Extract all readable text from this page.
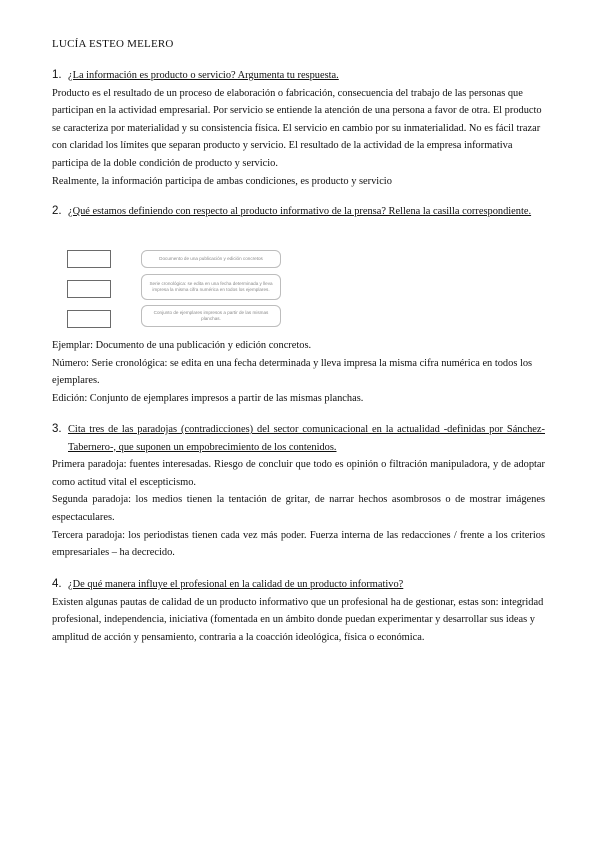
LUCÍA ESTEO MELERO
1. ¿La información es producto o servicio? Argumenta tu respuesta.

Producto es el resultado de un proceso de elaboración o fabricación, consecuencia del trabajo de las personas que participan en la actividad empresarial. Por servicio se entiende la atención de una persona a favor de otra. El producto se caracteriza por materialidad y su consistencia física. El servicio en cambio por su inmaterialidad. No es fácil trazar con claridad los límites que separan producto y servicio. El resultado de la actividad de la empresa informativa participa de la doble condición de producto y servicio.

Realmente, la información participa de ambas condiciones, es producto y servicio

2. ¿Qué estamos definiendo con respecto al producto informativo de la prensa? Rellena la casilla correspondiente.
Documento de una publicación y edición concretos
Serie cronológica: se edita en una fecha determinada y lleva impresa la misma cifra numérica en todos los ejemplares.
Conjunto de ejemplares impresos a partir de las mismas planchas.

Ejemplar: Documento de una publicación y edición concretos.

Número: Serie cronológica: se edita en una fecha determinada y lleva impresa la misma cifra numérica en todos los ejemplares.

Edición: Conjunto de ejemplares impresos a partir de las mismas planchas.

3. Cita tres de las paradojas (contradicciones) del sector comunicacional en la actualidad -definidas por Sánchez-Tabernero-, que suponen un empobrecimiento de los contenidos.

Primera paradoja: fuentes interesadas. Riesgo de concluir que todo es opinión o filtración manipuladora, y de adoptar como actitud vital el escepticismo.

Segunda paradoja: los medios tienen la tentación de gritar, de narrar hechos asombrosos o de mostrar imágenes espectaculares.

Tercera paradoja: los periodistas tienen cada vez más poder. Fuerza interna de las redacciones / frente a los criterios empresariales – ha decrecido.

4. ¿De qué manera influye el profesional en la calidad de un producto informativo?

Existen algunas pautas de calidad de un producto informativo que un profesional ha de gestionar, estas son: integridad profesional, independencia, iniciativa (fomentada en un ámbito donde puedan experimentar y desarrollar sus ideas y amplitud de acción y pensamiento, contraria a la coacción ideológica, física o económica.
